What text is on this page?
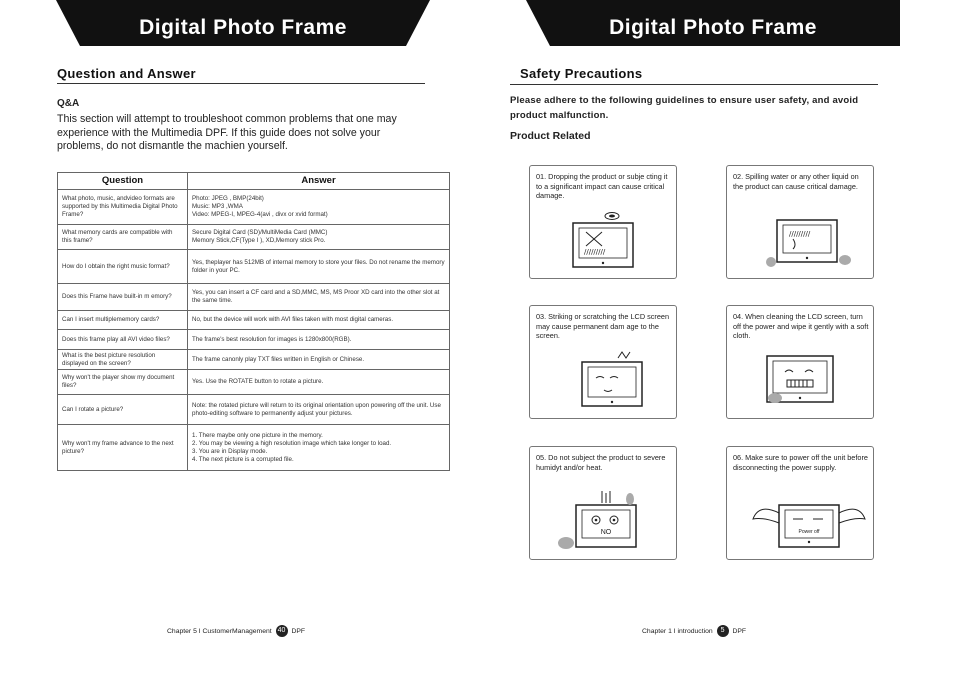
Digital Photo Frame
Question and Answer
Q&A
This section will attempt to troubleshoot common problems that one may experience with the Multimedia DPF. If this guide does not solve your problems, do not dismantle the machien yourself.
Question	Answer
What photo, music, andvideo formats are supported by this Multimedia Digital Photo Frame?	Photo: JPEG , BMP(24bit)
Music: MP3 ,WMA
Video: MPEG-I, MPEG-4(avi , divx or xvid format)

What memory cards are compatible with this frame?	Secure Digital Card (SD)/MultiMedia Card (MMC)
Memory Stick,CF(Type I ), XD,Memory stick Pro.

How do I obtain the right music format?	Yes, theplayer has 512MB of internal memory to store your files. Do not rename the memory folder in your PC.
Does this Frame have built-in m emory?	Yes, you can insert a CF card and a SD,MMC, MS, MS Proor XD card into the other slot at the same time.
Can I insert multiplememory cards?	No, but the device will work with AVI files taken with most digital cameras.
Does this frame play all AVI video files?	The frame's best resolution for images is 1280x800(RGB).
What is the best picture resolution displayed on the screen?	The frame canonly play TXT files written in English or Chinese.
Why won't the player show my document files?	Yes. Use the ROTATE button to rotate a picture.
Can I rotate a picture?	Note: the rotated picture will return to its original orientation upon powering off the unit. Use photo-editing software to permanently adjust your pictures.
Why won't my frame advance to the next picture?	1. There maybe only one picture in the memory.
2. You may be viewing a high resolution image which take longer to load.
3. You are in Display mode.
4. The next picture is a corrupted file.
Chapter 5 I CustomerManagement 40 DPF
Digital Photo Frame
Safety Precautions
Please adhere to the following guidelines to ensure user safety, and avoid product malfunction.
Product Related
01. Dropping the product or subje cting it to a significant impact can cause critical damage.
/////////
02. Spilling water or any other liquid on the product can cause critical damage.
/////////
03. Striking or scratching the LCD screen may cause permanent dam age to the screen.
04. When cleaning the LCD screen, turn off the power and wipe it gently with a soft cloth.
05. Do not subject the product to severe humidyt and/or heat.
NO
06. Make sure to power off the unit before disconnecting the power supply.
Power off
Chapter 1 I introduction 5 DPF
